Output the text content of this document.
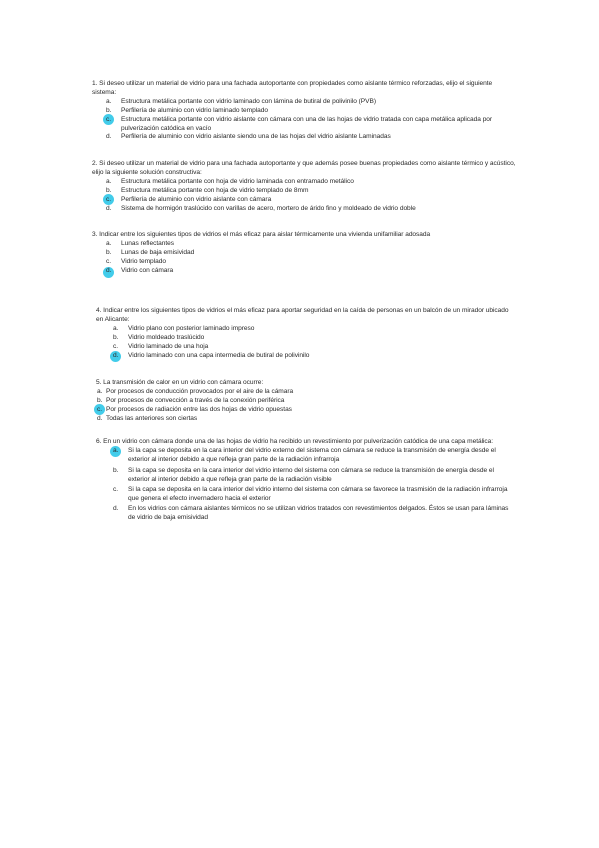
1. Si deseo utilizar un material de vidrio para una fachada autoportante con propiedades como aislante térmico reforzadas, elijo el siguiente sistema:

a.	Estructura metálica portante con vidrio laminado con lámina de butiral de polivinilo (PVB)
b.	Perfilería de aluminio con vidrio laminado templado
c.	Estructura metálica portante con vidrio aislante con cámara con una de las hojas de vidrio tratada con capa metálica aplicada por pulverización catódica en vacío
d.	Perfilería de aluminio con vidrio aislante siendo una de las hojas del vidrio aislante Laminadas

2. Si deseo utilizar un material de vidrio para una fachada autoportante y que además posee buenas propiedades como aislante térmico y acústico, elijo la siguiente solución constructiva:

a.	Estructura metálica portante con hoja de vidrio laminada con entramado metálico
b.	Estructura metálica portante con hoja de vidrio templado de 8mm
c.	Perfilería de aluminio con vidrio aislante con cámara
d.	Sistema de hormigón traslúcido con varillas de acero, mortero de árido fino y moldeado de vidrio doble

3. Indicar entre los siguientes tipos de vidrios el más eficaz para aislar térmicamente una vivienda unifamiliar adosada

a.	Lunas reflectantes
b.	Lunas de baja emisividad
c.	Vidrio templado
d.	Vidrio con cámara

4. Indicar entre los siguientes tipos de vidrios el más eficaz para aportar seguridad en la caída de personas en un balcón de un mirador ubicado en Alicante:

a.	Vidrio plano con posterior laminado impreso
b.	Vidrio moldeado traslúcido
c.	Vidrio laminado de una hoja
d.	Vidrio laminado con una capa intermedia de butiral de polivinilo

5. La transmisión de calor en un vidrio con cámara ocurre:

a. Por procesos de conducción provocados por el aire de la cámara
b. Por procesos de convección a través de la conexión periférica
c. Por procesos de radiación entre las dos hojas de vidrio opuestas
d. Todas las anteriores son ciertas

6. En un vidrio con cámara donde una de las hojas de vidrio ha recibido un revestimiento por pulverización catódica de una capa metálica:

a.	Si la capa se deposita en la cara interior del vidrio externo del sistema con cámara se reduce la transmisión de energía desde el exterior al interior debido a que refleja gran parte de la radiación infrarroja
b.	Si la capa se deposita en la cara interior del vidrio interno del sistema con cámara se reduce la transmisión de energía desde el exterior al interior debido a que refleja gran parte de la radiación visible
c.	Si la capa se deposita en la cara interior del vidrio interno del sistema con cámara se favorece la trasmisión de la radiación infrarroja que genera el efecto invernadero hacia el exterior
d.	En los vidrios con cámara aislantes térmicos no se utilizan vidrios tratados con revestimientos delgados. Éstos se usan para láminas de vidrio de baja emisividad
